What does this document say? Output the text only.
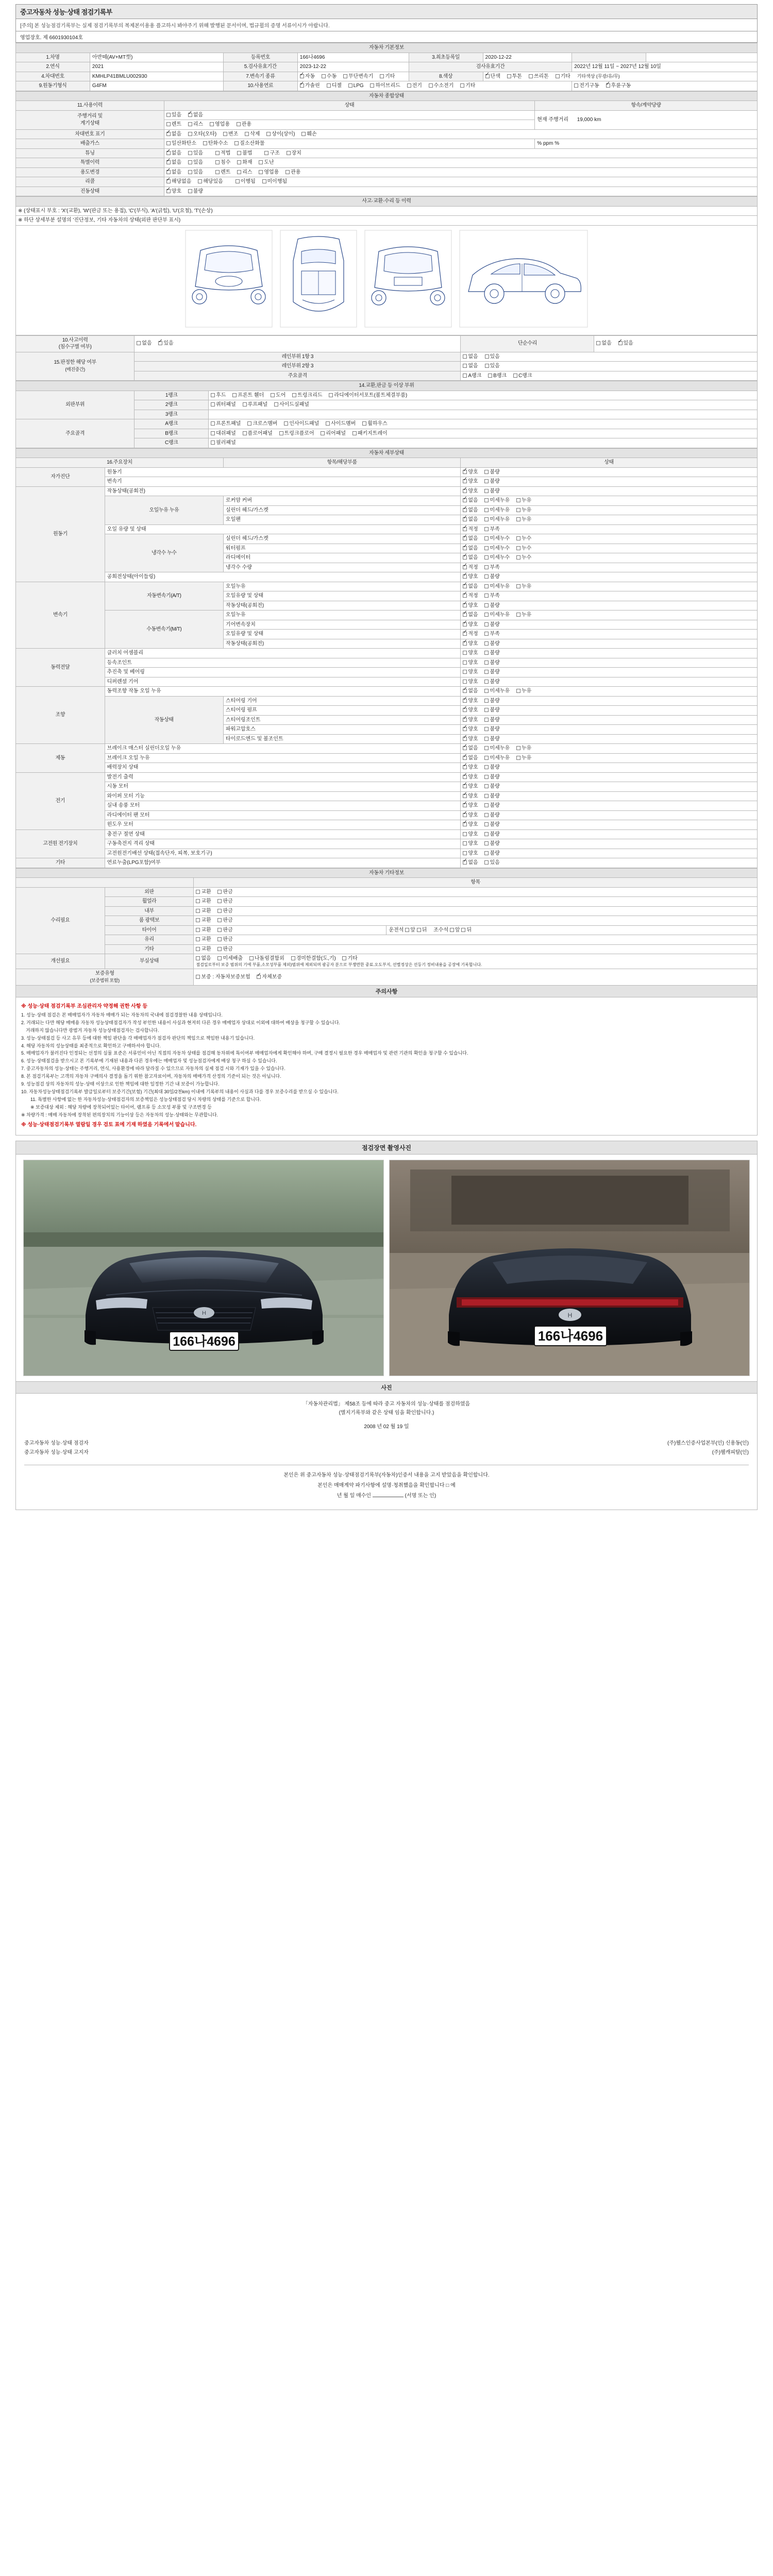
중고자동차 성능·상태 점검기록부
[주의] 본 성능점검기록부는 실제 점검기록부의 복제본이용용 플고하시 봐야주기 위해 발행된 문서이며, 법규윌의 증명 서류이시가 아랍니다.
영업장호. 제 6601930104호
자동차 기본정보							
1.차명	아반떼(AV+MT型)	등록번호	166나4696	3.최초등록일	2020-12-22		
2.연식	2021	5.검사유효기간	2023-12-22	검사유효기간		2022년 12월 11일 ~ 2027년 12월 10일	
4.차대번호	KMHLP41BMLU002930	7.변속기 종류	✓자동 수동 무단변속기 기타	8.색상	✓단색 투톤 쓰리톤 기타 기타색상 (무광/유/무)
9.원동기형식	G4FM	10.사용연료	✓가솔린 디젤 LPG 하이브리드 전기 수소전기 기타			전기구동 ✓ 후륜구동
자동차 종합상태		
11.사용이력	상태	항속/계약당량
주행거리 및
계기상태	있음 ✓ 없음	현재 주행거리 19,000 km
	렌트 리스 영업용 관용	
차대번호 표기	✓없음 오타(오타) 변조 삭제 상이(상이) 훼손
배출가스	일산화탄소 탄화수소 질소산화물	% ppm %
튜닝	✓없음 있음 적법 불법 구조 장치
특별이력	✓없음 있음 침수 화재 도난
용도변경	✓없음 있음 렌트 리스 영업용 관용
리콜	✓해당없음 해당있음 이행됨 미이행됨
진동상태	✓양호 불량
사고·교환·수리 등 이력
※ (상태표시 부호 : 'X'(교환), 'W'(판금 또는 용접), 'C'(부식), 'A'(긁힘), 'U'(요철), 'T'(손상)
※ 하단 상세부분 설명의 '진단정보, 기타 자동차의 상태(외판 판단부 표시)
10.사고이력
(침수구별 여부)	없음 ✓ 있음	단순수리	없음 ✓ 있음
15.판정한 해당 여부
(매진중간)	레인부위 1항 3	없음 있음	
	레인부위 2항 3	없음 있음	
	주요골격	A랭크 B랭크 C랭크	
14.교환,판금 등 이상 부위		
외판부위	1랭크	후드 프론트 휀더 도어 트렁크리드 라디에이터서포트(볼트체결부품)
	2랭크	쿼터패널 루프패널 사이드실패널
	3랭크	
주요골격	A랭크	프론트패널 크로스멤버 인사이드패널 사이드멤버 휠하우스
	B랭크	대쉬패널 플로어패널 트렁크플로어 리어패널 패키지트레이
	C랭크	필러패널
자동차 세부상태			
16.주요장치		항목/해당부품	상태
자가진단	원동기	✓양호 불량
	변속기	✓양호 불량
원동기	작동상태(공회전)	✓양호 불량
	오일누유 누유	로커암 커버	✓없음 미세누유 누유
		실린더 헤드/가스켓	✓없음 미세누유 누유
		오일팬	✓없음 미세누유 누유
	오일 유량 및 상태	✓적정 부족
	냉각수 누수	실린더 헤드/가스켓	✓없음 미세누수 누수
		워터펌프	✓없음 미세누수 누수
		라디에이터	✓없음 미세누수 누수
		냉각수 수량	✓적정 부족
	공회전상태(아이들링)	✓양호 불량
변속기	자동변속기(A/T)	오일누유	✓없음 미세누유 누유
		오일유량 및 상태	✓적정 부족
		작동상태(공회전)	✓양호 불량
	수동변속기(M/T)	오일누유	✓없음 미세누유 누유
		기어변속장치	✓양호 불량
		오일유량 및 상태	✓적정 부족
		작동상태(공회전)	✓양호 불량
동력전달	클러치 어셈블리		양호 불량
	등속조인트		양호 불량
	추진축 및 베어링		양호 불량
	디퍼렌셜 기어		양호 불량
조향	동력조향 작동 오일 누유	✓없음 미세누유 누유
	작동상태	스티어링 기어	✓양호 불량
		스티어링 펌프	✓양호 불량
		스티어링조인트	✓양호 불량
		파워고압호스	✓양호 불량
		타이로드엔드 및 볼조인트	✓양호 불량
제동	브레이크 매스터 실린더오일 누유	✓없음 미세누유 누유
	브레이크 오일 누유	✓없음 미세누유 누유
	배력장치 상태	✓양호 불량
전기	발전기 출력	✓양호 불량
	시동 모터	✓양호 불량
	와이퍼 모터 기능	✓양호 불량
	실내 송풍 모터	✓양호 불량
	라디에이터 팬 모터	✓양호 불량
	윈도우 모터	✓양호 불량
고전원 전기장치	충전구 절연 상태		양호 불량
	구동축전지 격리 상태		양호 불량
	고전원전기배선 상태(접속단자, 피복, 보호기구)		양호 불량
기타	연료누출(LPG포함)여부	✓없음 있음
자동차 기타정보			
		항목	
수리필요	외판	교환 판금	
	휠얼라	교환 판금	
	내부	교환 판금	
	룸 광택보	교환 판금	
	타이어	교환 판금	운전석 앞 뒤 조수석 앞 뒤
	유리	교환 판금	
	기타	교환 판금	
개선필요	부실상태	없음 미세배출 나돌럼결함외 경미한결함(도,기) 기타
점검일로부터 보증 범위의 기에 부품,소모성부품 제외)범위에 제외되며 광공자 분으로 부쟁면한 중료.오도부지, 선별정상은 선등기 정비내용을 공장에 기록합니다.	

보증유형
(보증범위 포함)		보증 : 자동차보증보험 ✓ 자체보증
주의사항
※ 성능·상태 점검기록부 조심관리자 약정해 권한 사항 등

1. 성능·상태 점검은 본 매매업자가 자동차 매매가 되는 자동차의 국내에 점검경찰한 내용 상태입니다.

2. 거래되는 다만 해당 매매용 자동차 성능상태점검자가 작성 부인한 내용이 사실과 현저히 다른 경우 매매업자 상대로 이외에 대하여 배상을 청구할 수 있습니다.

거래하지 않습니다만 광범거 자동차 성능상태점검자는 검사합니다.

3. 성능·상태점검 등 사고 유무 등에 대한 책임 판단을 각 매매업자가 점검자 판단의 책임으로 책임한 내용기 있습니다.

4. 해당 자동차의 성능상태를 최종적으로 확인하고 구매하셔야 합니다.

5. 매매업자가 불러진다 인정되는 선정의 실물 표준은 서류민이 아닌 직접의 자동차 상태를 점검해 동차위에 특이여부 매매업자에게 확인해야 하며, 구매 결정시 필요한 경우 매매업자 및 관련 기관의 확인을 청구할 수 있습니다.

6. 성능·상태점검을 받으시고 본 기록부에 기재된 내용과 다른 경우에는 매매업자 및 성능점검자에게 배상 청구 하실 수 있습니다.

7. 중고자동차의 성능·상태는 주행거리, 연식, 사용환경에 따라 달라질 수 있으므로 자동차의 실제 점검 시와 기재가 있을 수 있습니다.

8. 본 점검기록부는 고객의 자동차 구매의사 결정을 돕기 위한 참고자료이며, 자동차의 매매가격 산정의 기준이 되는 것은 아닙니다.

9. 성능점검 상의 자동차의 성능·상태 이상으로 인한 책임에 대한 일정한 기간 내 보증이 가능합니다.

10. 자동차성능상태점검기록부 발급일로부터 보증기간(보험) 기간(최대 30일/2천km) 이내에 기록부의 내용이 사실과 다를 경우 보증수리를 받으실 수 있습니다.

11. 특별한 사항에 없는 한 자동차성능·상태점검자의 보증책임은 성능상태점검 당시 차량의 상태를 기준으로 합니다.

※ 보증대상 제외 : 해당 차량에 장착되어있는 타이어, 램프류 등 소모성 부품 및 구조변경 등

※ 차량가격 : 매매 자동차에 장착된 편의장치의 기능이상 등은 자동차의 성능·상태와는 무관합니다.

※ 성능·상태점검기록부 열람일 경우 검토 표에 기재 하였음 기록에서 말습니다.

점검장면 촬영사진
H
166나4696
H
166나4696
사진
「자동차관리법」 제58조 등에 따라 중고 자동차의 성능·상태를 점검하였음
(별지기록부와 같은 상태 임을 확인합니다.)
2008 년 02 월 19 일
중고자동차 성능·상태 점검자
중고자동차 성능·상태 고지자
(주)웰스인증사업본부(인) 신용동(인)
(주)웰캐피탈(인)
본인은 위 중고자동차 성능·상태점검기록부(자동차)인증서 내용을 고지 받았음을 확인합니다.
본인은 매매계약 파기사항에 설명·청취했음을 확인합니다 □ 예
년 월 일 매수인	(서명 또는 인)
